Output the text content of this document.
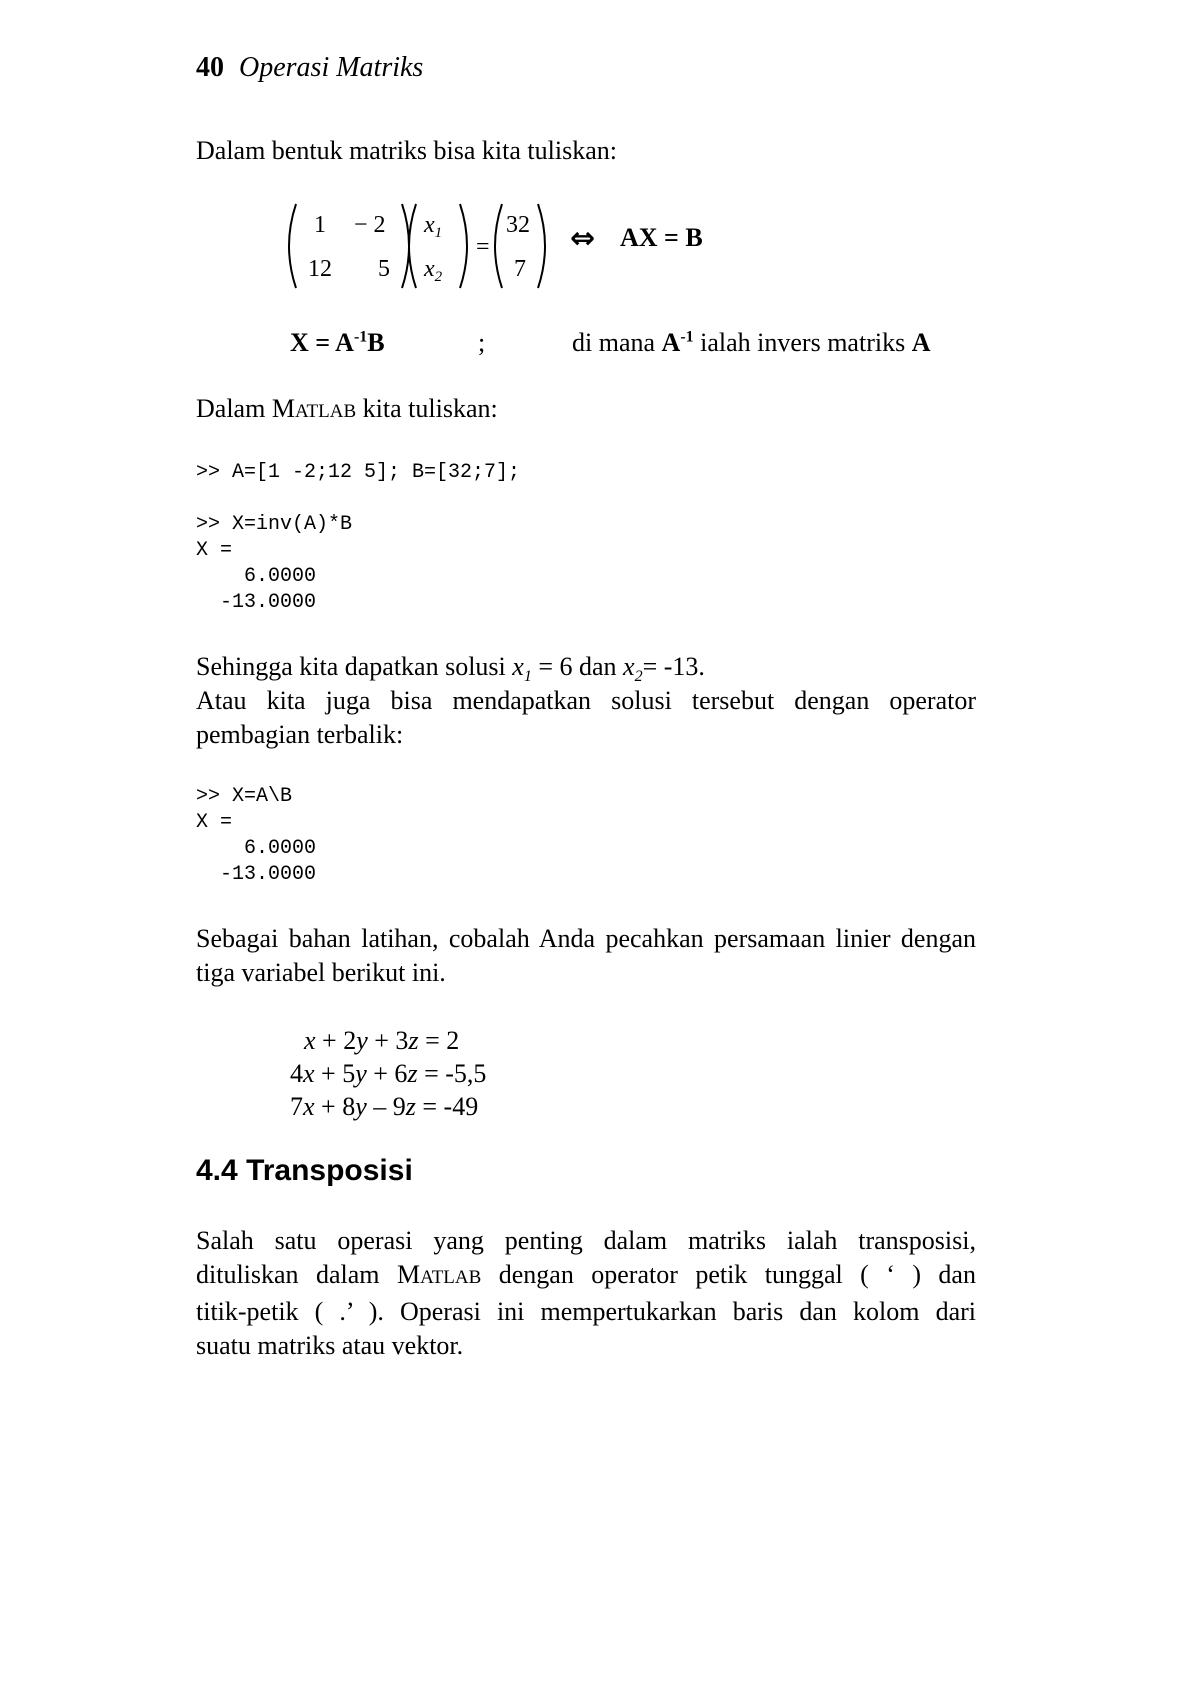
40 Operasi Matriks
Dalam bentuk matriks bisa kita tuliskan:
1 − 2
12 5
$x_1$
$x_2$
=
32
7
⇔ AX = B
$X = A^{-1}B$	;	di mana $A^{-1}$ ialah invers matriks A
Dalam MATLAB kita tuliskan:
>> A=[1 -2;12 5]; B=[32;7];
>> X=inv(A)*B
X =
6.0000
-13.0000
Sehingga kita dapatkan solusi $x_1 = 6$ dan $x_2= -13$.
Atau kita juga bisa mendapatkan solusi tersebut dengan operator pembagian terbalik:
>> X=A\B
X =
6.0000
-13.0000
Sebagai bahan latihan, cobalah Anda pecahkan persamaan linier dengan tiga variabel berikut ini.
x + 2y + 3z = 2
4x + 5y + 6z = -5,5
7x + 8y – 9z = -49
4.4 Transposisi
Salah satu operasi yang penting dalam matriks ialah transposisi,
dituliskan dalam MATLAB dengan operator petik tunggal ( ‘ ) dan
titik-petik ( .’ ). Operasi ini mempertukarkan baris dan kolom dari
suatu matriks atau vektor.
